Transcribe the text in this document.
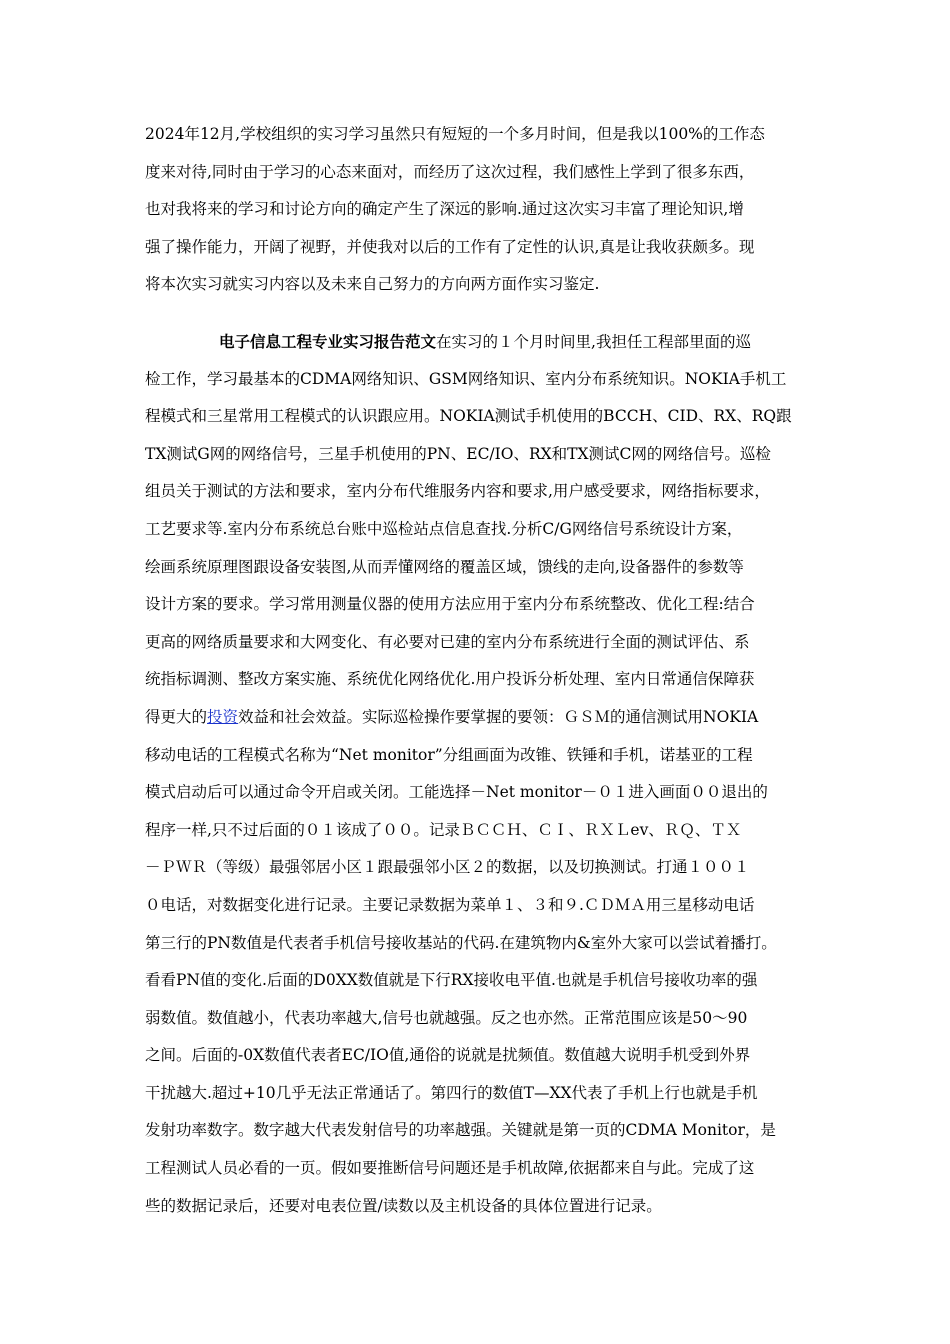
2024年12月,学校组织的实习学习虽然只有短短的一个多月时间，但是我以100%的工作态
度来对待,同时由于学习的心态来面对，而经历了这次过程，我们感性上学到了很多东西，
也对我将来的学习和讨论方向的确定产生了深远的影响.通过这次实习丰富了理论知识,增
强了操作能力，开阔了视野，并使我对以后的工作有了定性的认识,真是让我收获颇多。现
将本次实习就实习内容以及未来自己努力的方向两方面作实习鉴定.
电子信息工程专业实习报告范文在实习的１个月时间里,我担任工程部里面的巡
检工作，学习最基本的CDMA网络知识、GSM网络知识、室内分布系统知识。NOKIA手机工
程模式和三星常用工程模式的认识跟应用。NOKIA测试手机使用的BCCH、CID、RX、RQ跟
TX测试G网的网络信号，三星手机使用的PN、EC/IO、RX和TX测试C网的网络信号。巡检
组员关于测试的方法和要求，室内分布代维服务内容和要求,用户感受要求，网络指标要求，
工艺要求等.室内分布系统总台账中巡检站点信息查找.分析C/G网络信号系统设计方案，
绘画系统原理图跟设备安装图,从而弄懂网络的覆盖区域，馈线的走向,设备器件的参数等
设计方案的要求。学习常用测量仪器的使用方法应用于室内分布系统整改、优化工程:结合
更高的网络质量要求和大网变化、有必要对已建的室内分布系统进行全面的测试评估、系
统指标调测、整改方案实施、系统优化网络优化.用户投诉分析处理、室内日常通信保障获
得更大的投资效益和社会效益。实际巡检操作要掌握的要领：ＧＳＭ的通信测试用NOKIA
移动电话的工程模式名称为“Net monitor”分组画面为改锥、铁锤和手机，诺基亚的工程
模式启动后可以通过命令开启或关闭。工能选择－Net monitor－０１进入画面００退出的
程序一样,只不过后面的０１该成了００。记录ＢＣＣＨ、ＣＩ、ＲＸＬev、ＲＱ、ＴＸ
－ＰＷＲ（等级）最强邻居小区１跟最强邻小区２的数据，以及切换测试。打通１００１
０电话，对数据变化进行记录。主要记录数据为菜单１、３和９.ＣＤＭＡ用三星移动电话
第三行的PN数值是代表者手机信号接收基站的代码.在建筑物内&室外大家可以尝试着播打。
看看PN值的变化.后面的D0XX数值就是下行RX接收电平值.也就是手机信号接收功率的强
弱数值。数值越小，代表功率越大,信号也就越强。反之也亦然。正常范围应该是50～90
之间。后面的-0X数值代表者EC/IO值,通俗的说就是扰频值。数值越大说明手机受到外界
干扰越大.超过+10几乎无法正常通话了。第四行的数值T—XX代表了手机上行也就是手机
发射功率数字。数字越大代表发射信号的功率越强。关键就是第一页的CDMA Monitor，是
工程测试人员必看的一页。假如要推断信号问题还是手机故障,依据都来自与此。完成了这
些的数据记录后，还要对电表位置/读数以及主机设备的具体位置进行记录。
